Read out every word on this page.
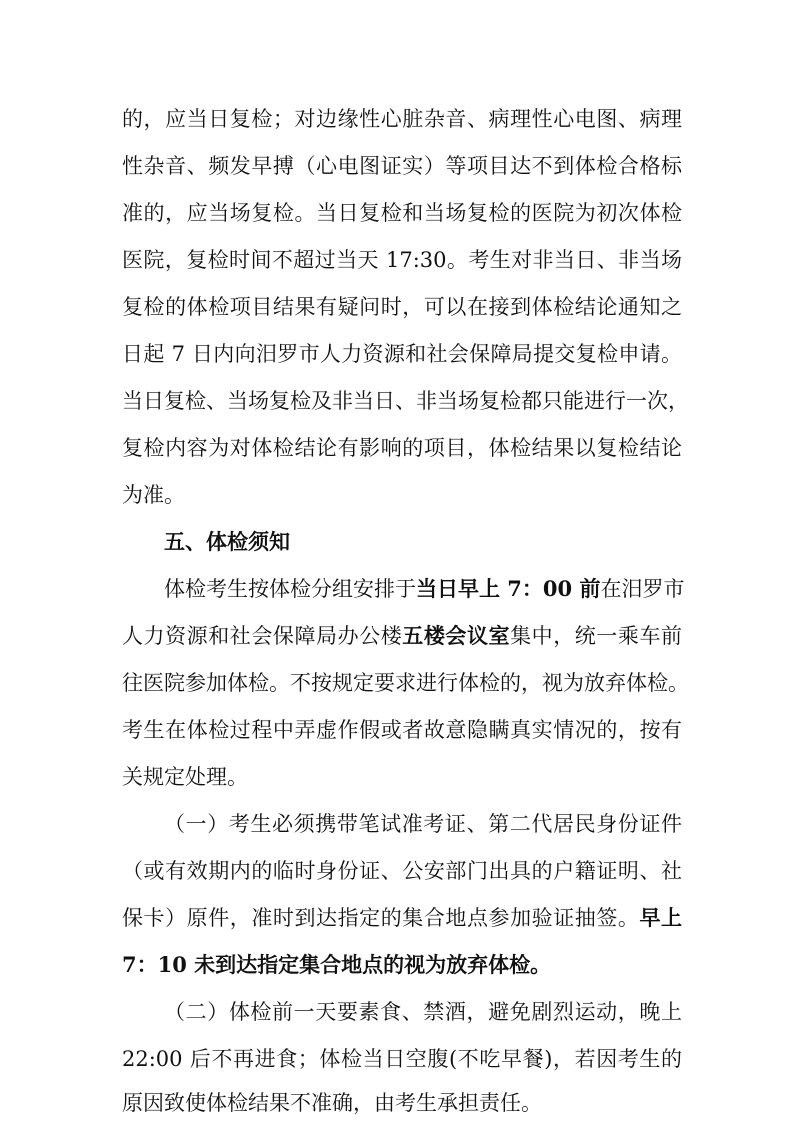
的，应当日复检；对边缘性心脏杂音、病理性心电图、病理
性杂音、频发早搏（心电图证实）等项目达不到体检合格标
准的，应当场复检。当日复检和当场复检的医院为初次体检
医院，复检时间不超过当天 17:30。考生对非当日、非当场
复检的体检项目结果有疑问时，可以在接到体检结论通知之
日起 7 日内向汨罗市人力资源和社会保障局提交复检申请。
当日复检、当场复检及非当日、非当场复检都只能进行一次，
复检内容为对体检结论有影响的项目，体检结果以复检结论
为准。
五、体检须知
体检考生按体检分组安排于当日早上 7：00 前在汨罗市
人力资源和社会保障局办公楼五楼会议室集中，统一乘车前
往医院参加体检。不按规定要求进行体检的，视为放弃体检。
考生在体检过程中弄虚作假或者故意隐瞒真实情况的，按有
关规定处理。
（一）考生必须携带笔试准考证、第二代居民身份证件
（或有效期内的临时身份证、公安部门出具的户籍证明、社
保卡）原件，准时到达指定的集合地点参加验证抽签。早上
7：10 未到达指定集合地点的视为放弃体检。
（二）体检前一天要素食、禁酒，避免剧烈运动，晚上
22:00 后不再进食；体检当日空腹(不吃早餐)，若因考生的
原因致使体检结果不准确，由考生承担责任。
